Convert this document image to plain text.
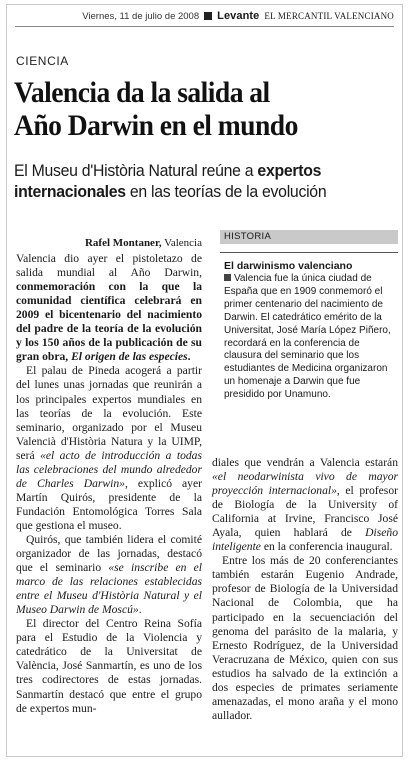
Viernes, 11 de julio de 2008 Levante EL MERCANTIL VALENCIANO
CIENCIA
Valencia da la salida al
Año Darwin en el mundo
El Museu d'Història Natural reúne a expertos
internacionales en las teorías de la evolución
Rafel Montaner, Valencia

Valencia dio ayer el pistoletazo de salida mundial al Año Darwin, conmemoración con la que la comunidad científica celebrará en 2009 el bicentenario del nacimiento del padre de la teoría de la evolución y los 150 años de la publicación de su gran obra, El origen de las especies.

El palau de Pineda acogerá a partir del lunes unas jornadas que reunirán a los principales expertos mundiales en las teorías de la evolución. Este seminario, organizado por el Museu Valencià d'Història Natura y la UIMP, será «el acto de introducción a todas las celebraciones del mundo alrededor de Charles Darwin», explicó ayer Martín Quirós, presidente de la Fundación Entomológica Torres Sala que gestiona el museo.

Quirós, que también lidera el comité organizador de las jornadas, destacó que el seminario «se inscribe en el marco de las relaciones establecidas entre el Museu d'Història Natural y el Museo Darwin de Moscú».

El director del Centro Reina Sofía para el Estudio de la Violencia y catedrático de la Universitat de València, José Sanmartín, es uno de los tres codirectores de estas jornadas. Sanmartín destacó que entre el grupo de expertos mun-

HISTORIA
El darwinismo valenciano
Valencia fue la única ciudad de España que en 1909 conmemoró el primer centenario del nacimiento de Darwin. El catedrático emérito de la Universitat, José María López Piñero, recordará en la conferencia de clausura del seminario que los estudiantes de Medicina organizaron un homenaje a Darwin que fue presidido por Unamuno.

diales que vendrán a Valencia estarán «el neodarwinista vivo de mayor proyección internacional», el profesor de Biología de la University of California at Irvine, Francisco José Ayala, quien hablará de Diseño inteligente en la conferencia inaugural.

Entre los más de 20 conferenciantes también estarán Eugenio Andrade, profesor de Biología de la Universidad Nacional de Colombia, que ha participado en la secuenciación del genoma del parásito de la malaria, y Ernesto Rodríguez, de la Universidad Veracruzana de México, quien con sus estudios ha salvado de la extinción a dos especies de primates seriamente amenazadas, el mono araña y el mono aullador.
